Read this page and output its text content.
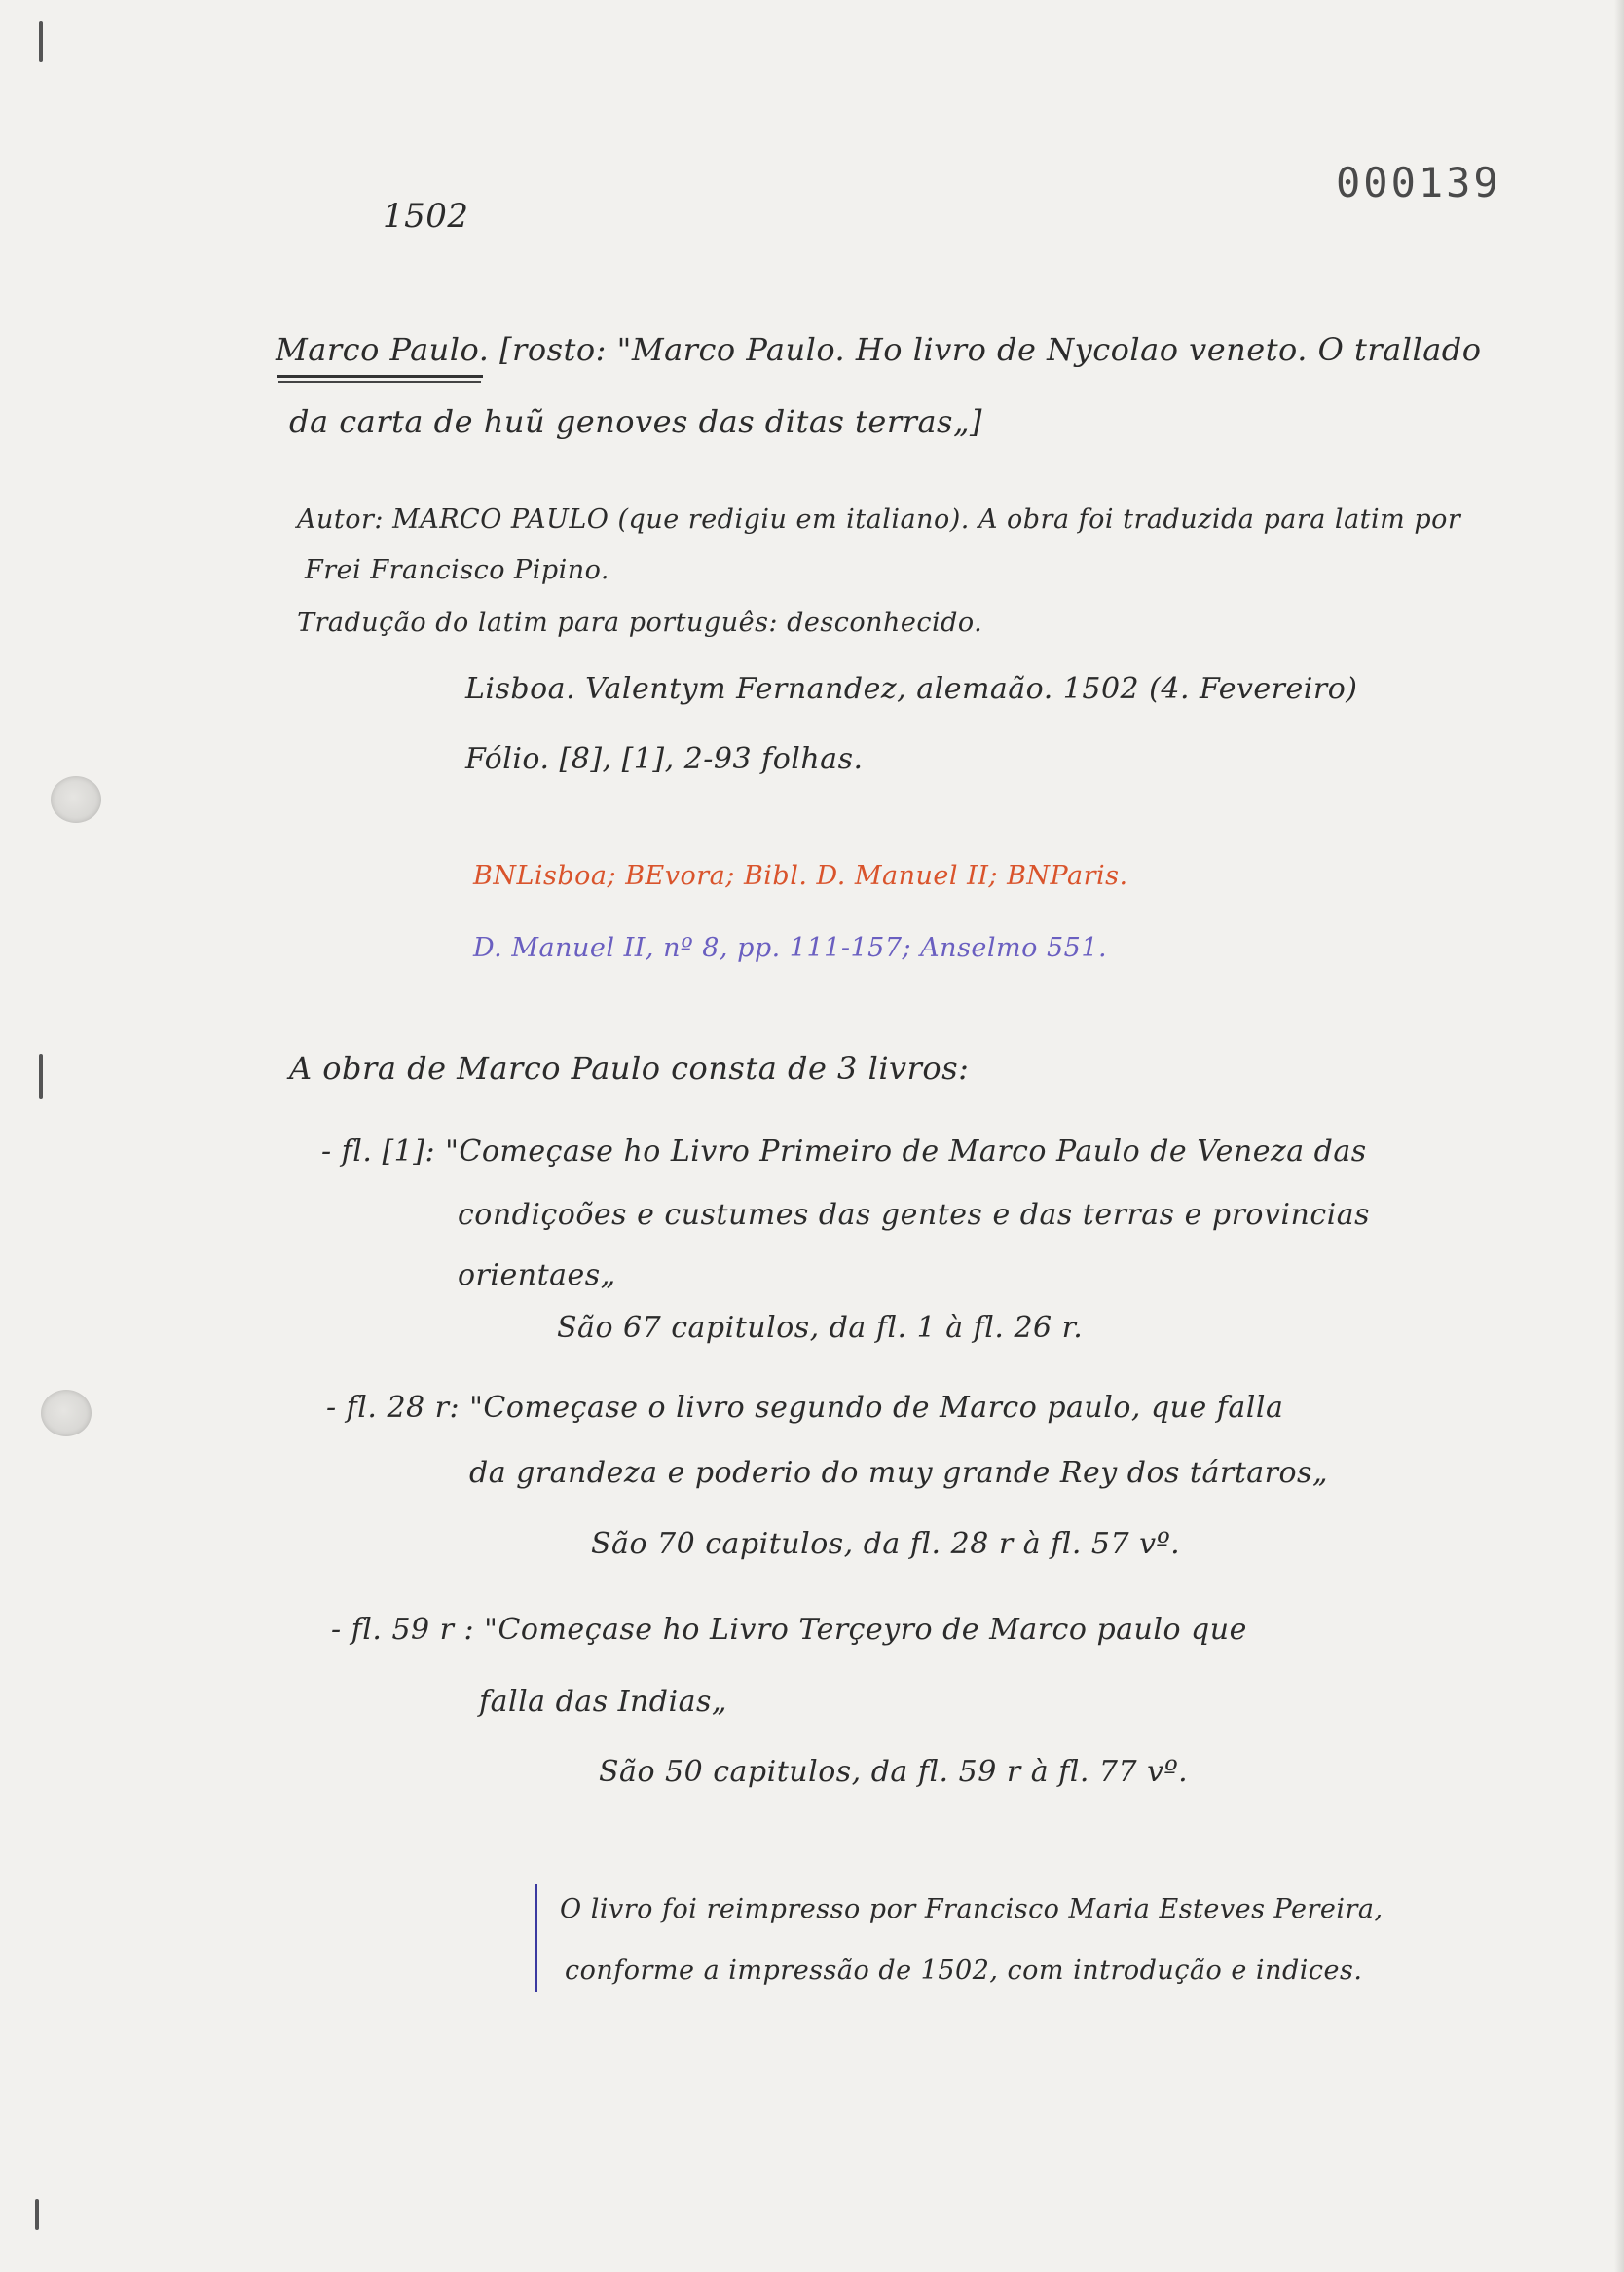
000139
1502
Marco Paulo. [rosto: "Marco Paulo. Ho livro de Nycolao veneto. O trallado
da carta de huũ genoves das ditas terras„]
Autor: MARCO PAULO (que redigiu em italiano). A obra foi traduzida para latim por
Frei Francisco Pipino.
Tradução do latim para português: desconhecido.
Lisboa. Valentym Fernandez, alemaão. 1502 (4. Fevereiro)
Fólio. [8], [1], 2-93 folhas.
BNLisboa; BEvora; Bibl. D. Manuel II; BNParis.
D. Manuel II, nº 8, pp. 111-157; Anselmo 551.
A obra de Marco Paulo consta de 3 livros:
- fl. [1]: "Começase ho Livro Primeiro de Marco Paulo de Veneza das
condiçoões e custumes das gentes e das terras e provincias
orientaes„
São 67 capitulos, da fl. 1 à fl. 26 r.
- fl. 28 r: "Começase o livro segundo de Marco paulo, que falla
da grandeza e poderio do muy grande Rey dos tártaros„
São 70 capitulos, da fl. 28 r à fl. 57 vº.
- fl. 59 r : "Começase ho Livro Terçeyro de Marco paulo que
falla das Indias„
São 50 capitulos, da fl. 59 r à fl. 77 vº.
O livro foi reimpresso por Francisco Maria Esteves Pereira,
conforme a impressão de 1502, com introdução e indices.
